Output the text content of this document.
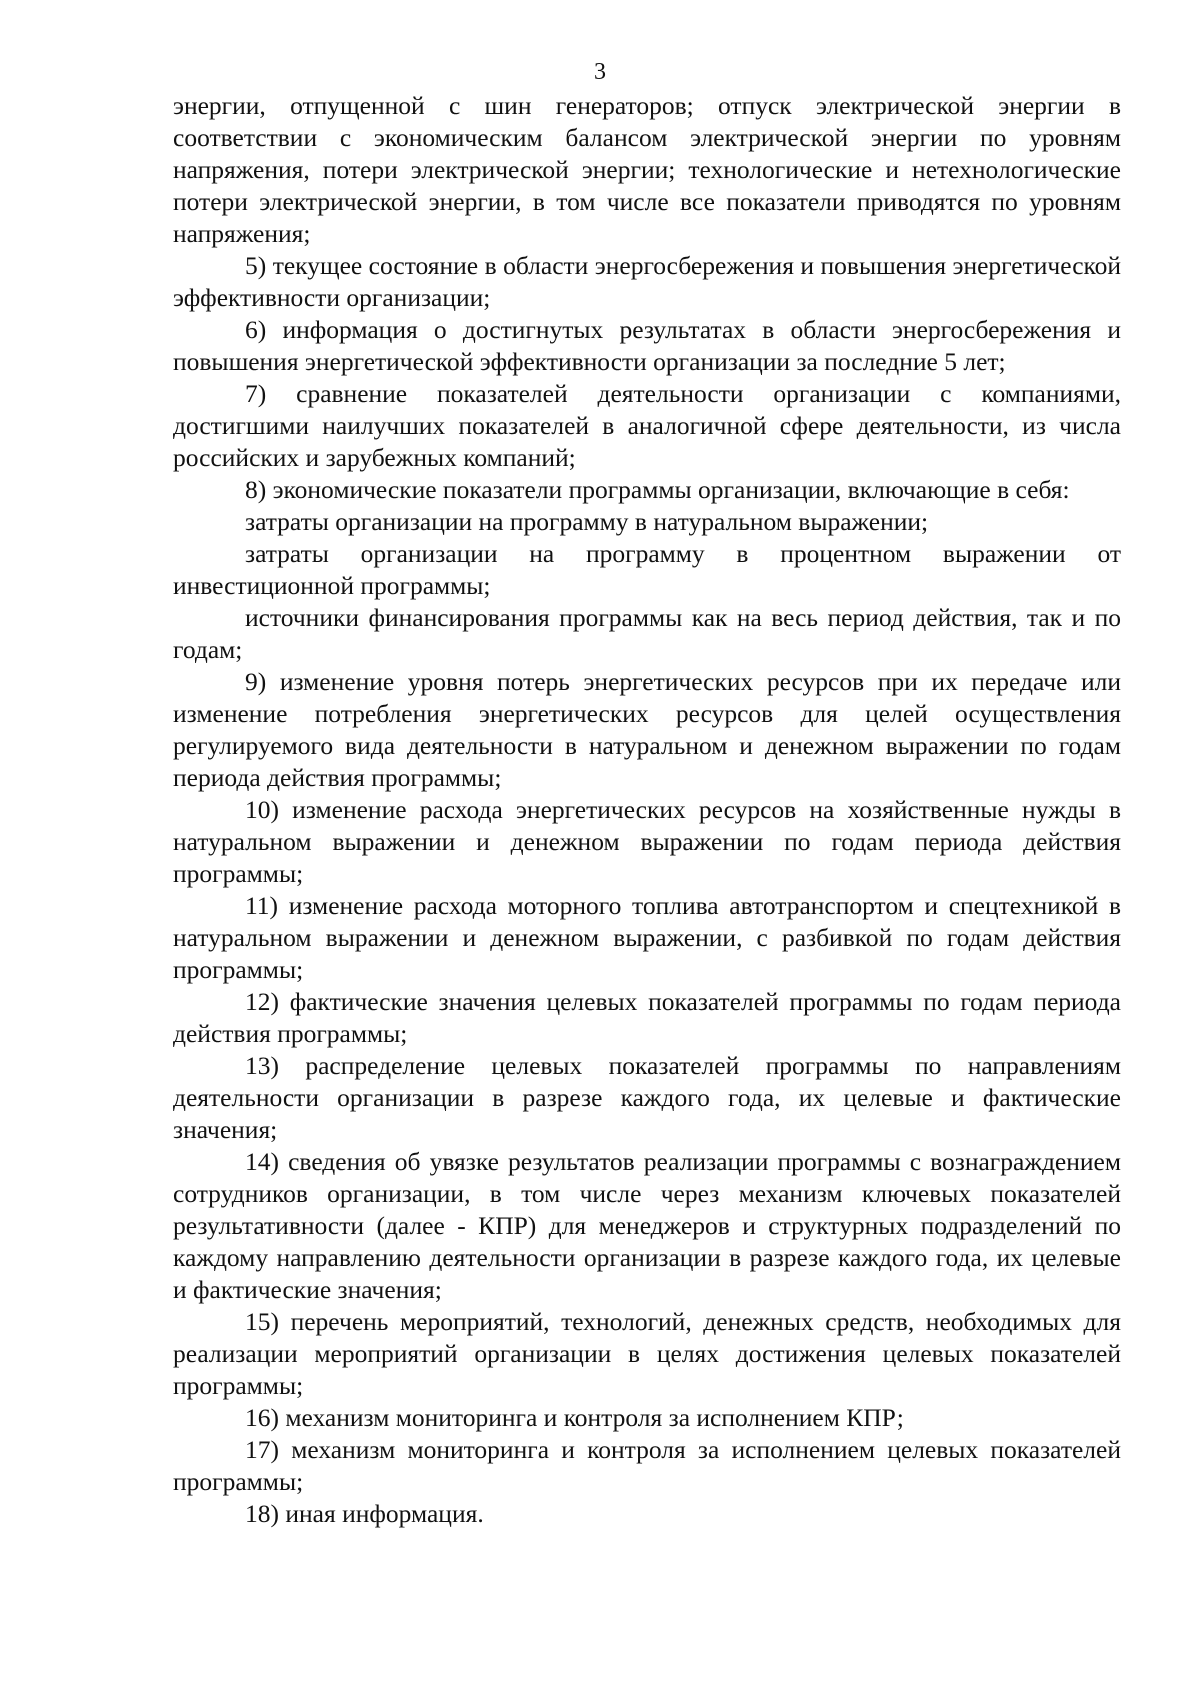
3

энергии, отпущенной с шин генераторов; отпуск электрической энергии в соответствии с экономическим балансом электрической энергии по уровням напряжения, потери электрической энергии; технологические и нетехнологические потери электрической энергии, в том числе все показатели приводятся по уровням напряжения;

5) текущее состояние в области энергосбережения и повышения энергетической эффективности организации;

6) информация о достигнутых результатах в области энергосбережения и повышения энергетической эффективности организации за последние 5 лет;

7) сравнение показателей деятельности организации с компаниями, достигшими наилучших показателей в аналогичной сфере деятельности, из числа российских и зарубежных компаний;

8) экономические показатели программы организации, включающие в себя:

затраты организации на программу в натуральном выражении;

затраты организации на программу в процентном выражении от инвестиционной программы;

источники финансирования программы как на весь период действия, так и по годам;

9) изменение уровня потерь энергетических ресурсов при их передаче или изменение потребления энергетических ресурсов для целей осуществления регулируемого вида деятельности в натуральном и денежном выражении по годам периода действия программы;

10) изменение расхода энергетических ресурсов на хозяйственные нужды в натуральном выражении и денежном выражении по годам периода действия программы;

11) изменение расхода моторного топлива автотранспортом и спецтехникой в натуральном выражении и денежном выражении, с разбивкой по годам действия программы;

12) фактические значения целевых показателей программы по годам периода действия программы;

13) распределение целевых показателей программы по направлениям деятельности организации в разрезе каждого года, их целевые и фактические значения;

14) сведения об увязке результатов реализации программы с вознаграждением сотрудников организации, в том числе через механизм ключевых показателей результативности (далее - КПР) для менеджеров и структурных подразделений по каждому направлению деятельности организации в разрезе каждого года, их целевые и фактические значения;

15) перечень мероприятий, технологий, денежных средств, необходимых для реализации мероприятий организации в целях достижения целевых показателей программы;

16) механизм мониторинга и контроля за исполнением КПР;

17) механизм мониторинга и контроля за исполнением целевых показателей программы;

18) иная информация.
